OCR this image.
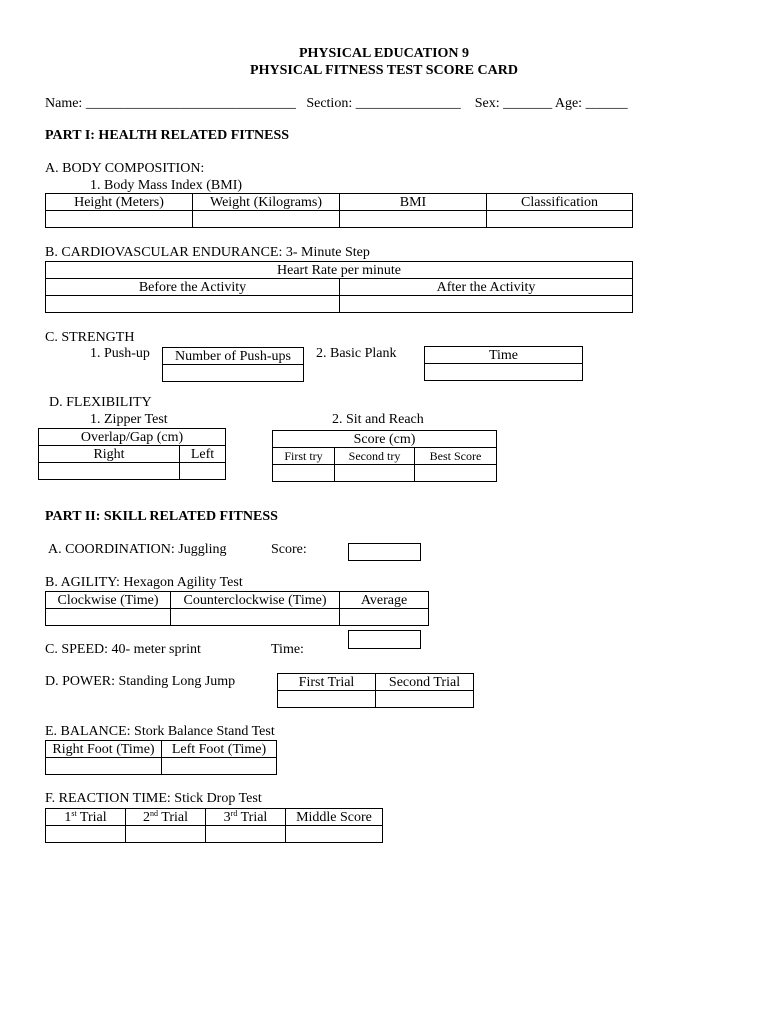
PHYSICAL EDUCATION 9
PHYSICAL FITNESS TEST SCORE CARD
Name: ______________________________ Section: _______________ Sex: _______ Age: ______
PART I: HEALTH RELATED FITNESS
A. BODY COMPOSITION:
1. Body Mass Index (BMI)
Height (Meters)	Weight (Kilograms)	BMI	Classification

B. CARDIOVASCULAR ENDURANCE: 3- Minute Step
Heart Rate per minute	
Before the Activity	After the Activity

C. STRENGTH
1. Push-up Number of Push-ups 2. Basic Plank	Time

D. FLEXIBILITY
1. Zipper Test
Overlap/Gap (cm)	
Right	Left

2. Sit and Reach
Score (cm)		
First try	Second try	Best Score

PART II: SKILL RELATED FITNESS
A. COORDINATION: Juggling	Score:
B. AGILITY: Hexagon Agility Test
Clockwise (Time)	Counterclockwise (Time)	Average

C. SPEED: 40- meter sprint	Time:
D. POWER: Standing Long Jump	First Trial	Second Trial

E. BALANCE: Stork Balance Stand Test
Right Foot (Time)	Left Foot (Time)

F. REACTION TIME: Stick Drop Test
1st Trial	2nd Trial	3rd Trial	Middle Score
